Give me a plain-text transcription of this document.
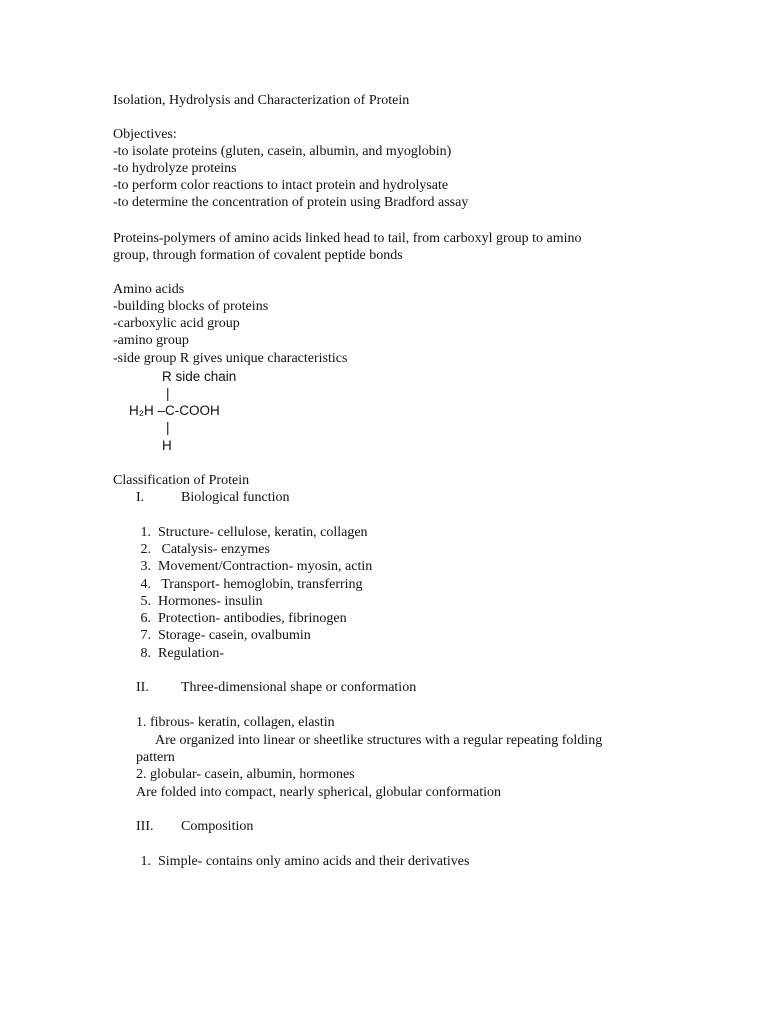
Isolation, Hydrolysis and Characterization of Protein
Objectives:
-to isolate proteins (gluten, casein, albumin, and myoglobin)
-to hydrolyze proteins
-to perform color reactions to intact protein and hydrolysate
-to determine the concentration of protein using Bradford assay
Proteins-polymers of amino acids linked head to tail, from carboxyl group to amino
group, through formation of covalent peptide bonds
Amino acids
-building blocks of proteins
-carboxylic acid group
-amino group
-side group R gives unique characteristics
R side chain
|
H₂H –C-COOH
|
H
Classification of Protein
I.	Biological function
1. Structure- cellulose, keratin, collagen
2. Catalysis- enzymes
3. Movement/Contraction- myosin, actin
4. Transport- hemoglobin, transferring
5. Hormones- insulin
6. Protection- antibodies, fibrinogen
7. Storage- casein, ovalbumin
8. Regulation-
II. Three-dimensional shape or conformation
1. fibrous- keratin, collagen, elastin
Are organized into linear or sheetlike structures with a regular repeating folding
pattern
2. globular- casein, albumin, hormones
Are folded into compact, nearly spherical, globular conformation
III. Composition
1. Simple- contains only amino acids and their derivatives
